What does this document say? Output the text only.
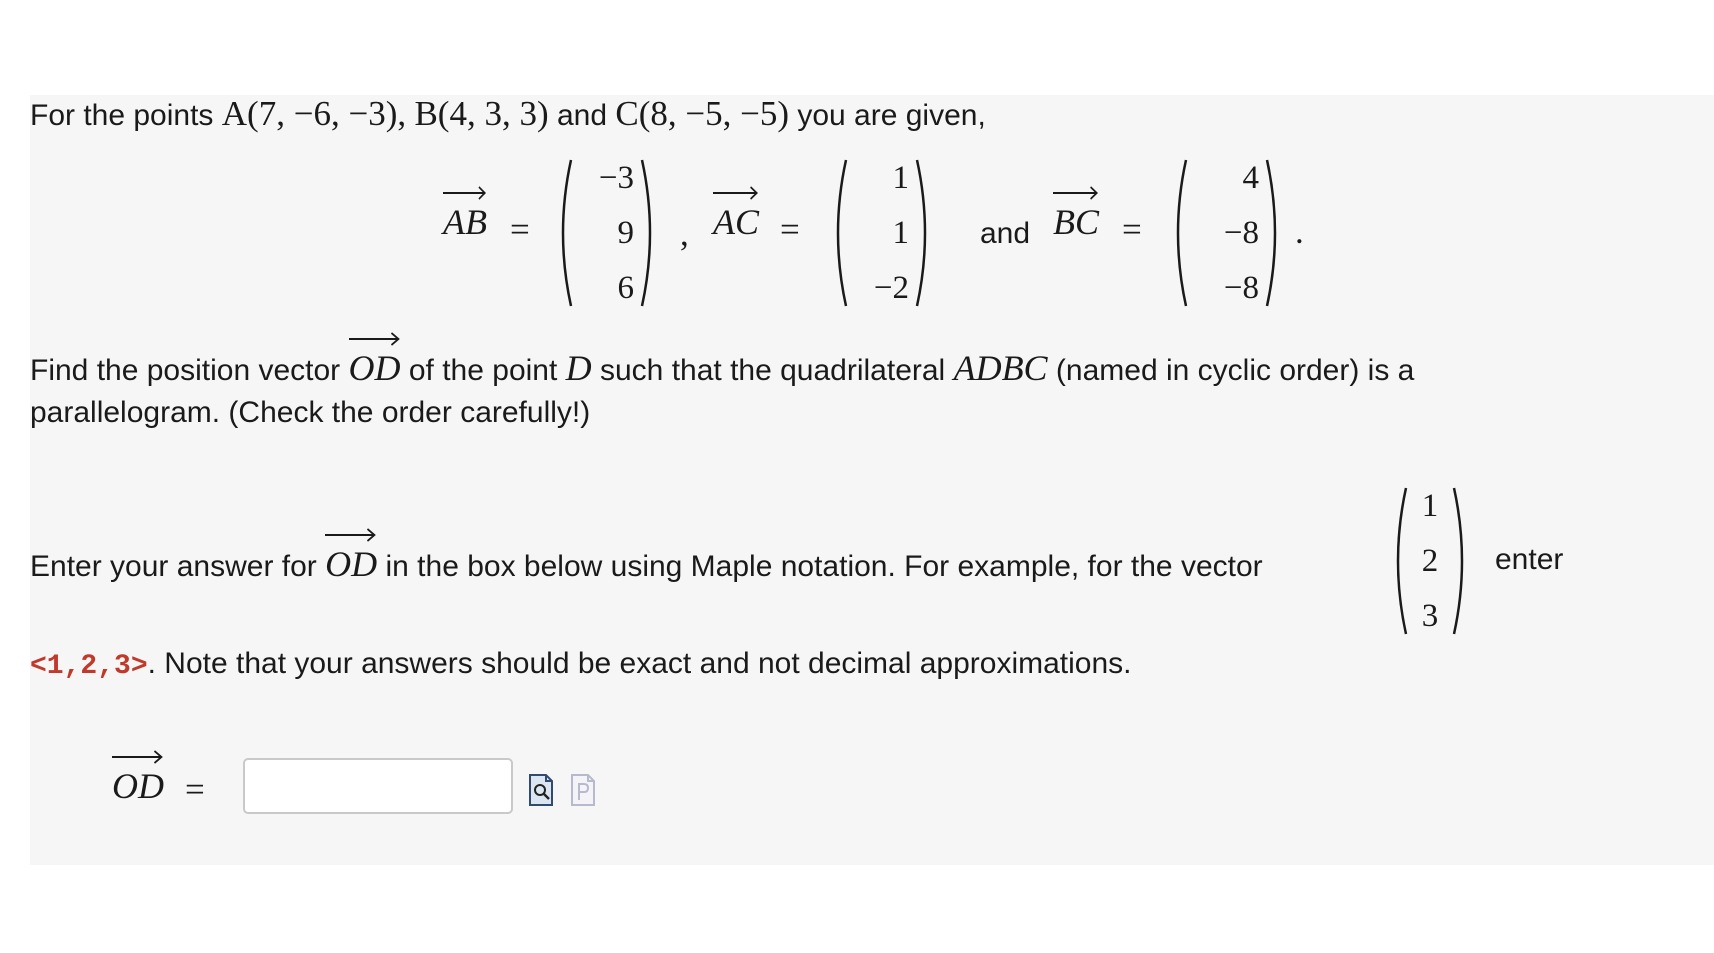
For the points A(7, −6, −3), B(4, 3, 3) and C(8, −5, −5) you are given,
AB =
−3
9
6
, AC =
1
1
−2
and BC =
4
−8
−8
.
Find the position vector OD of the point D such that the quadrilateral ADBC (named in cyclic order) is a
parallelogram. (Check the order carefully!)
Enter your answer for OD in the box below using Maple notation. For example, for the vector
1
2
3
enter
<1,2,3>. Note that your answers should be exact and not decimal approximations.
OD =
